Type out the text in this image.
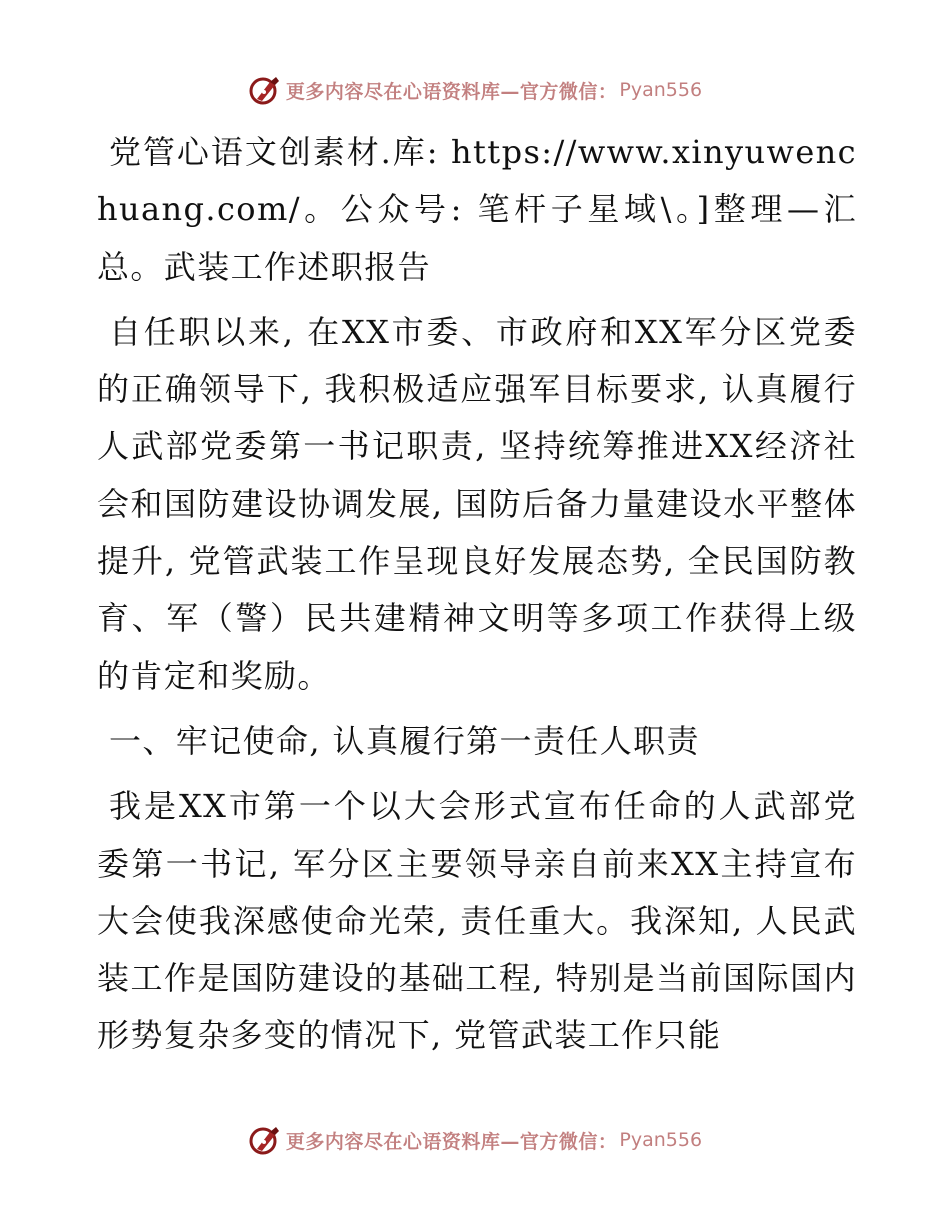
更多内容尽在心语资料库—官方微信： Pyan556

党管心语文创素材.库: https://www.xinyuwenchuang.com/。公众号: 笔杆子星域\。]整理—汇总。武装工作述职报告

自任职以来, 在XX市委、市政府和XX军分区党委的正确领导下, 我积极适应强军目标要求, 认真履行人武部党委第一书记职责, 坚持统筹推进XX经济社会和国防建设协调发展, 国防后备力量建设水平整体提升, 党管武装工作呈现良好发展态势, 全民国防教育、军（警）民共建精神文明等多项工作获得上级的肯定和奖励。

一、牢记使命, 认真履行第一责任人职责

我是XX市第一个以大会形式宣布任命的人武部党委第一书记, 军分区主要领导亲自前来XX主持宣布大会使我深感使命光荣, 责任重大。我深知, 人民武装工作是国防建设的基础工程, 特别是当前国际国内形势复杂多变的情况下, 党管武装工作只能

更多内容尽在心语资料库—官方微信： Pyan556
